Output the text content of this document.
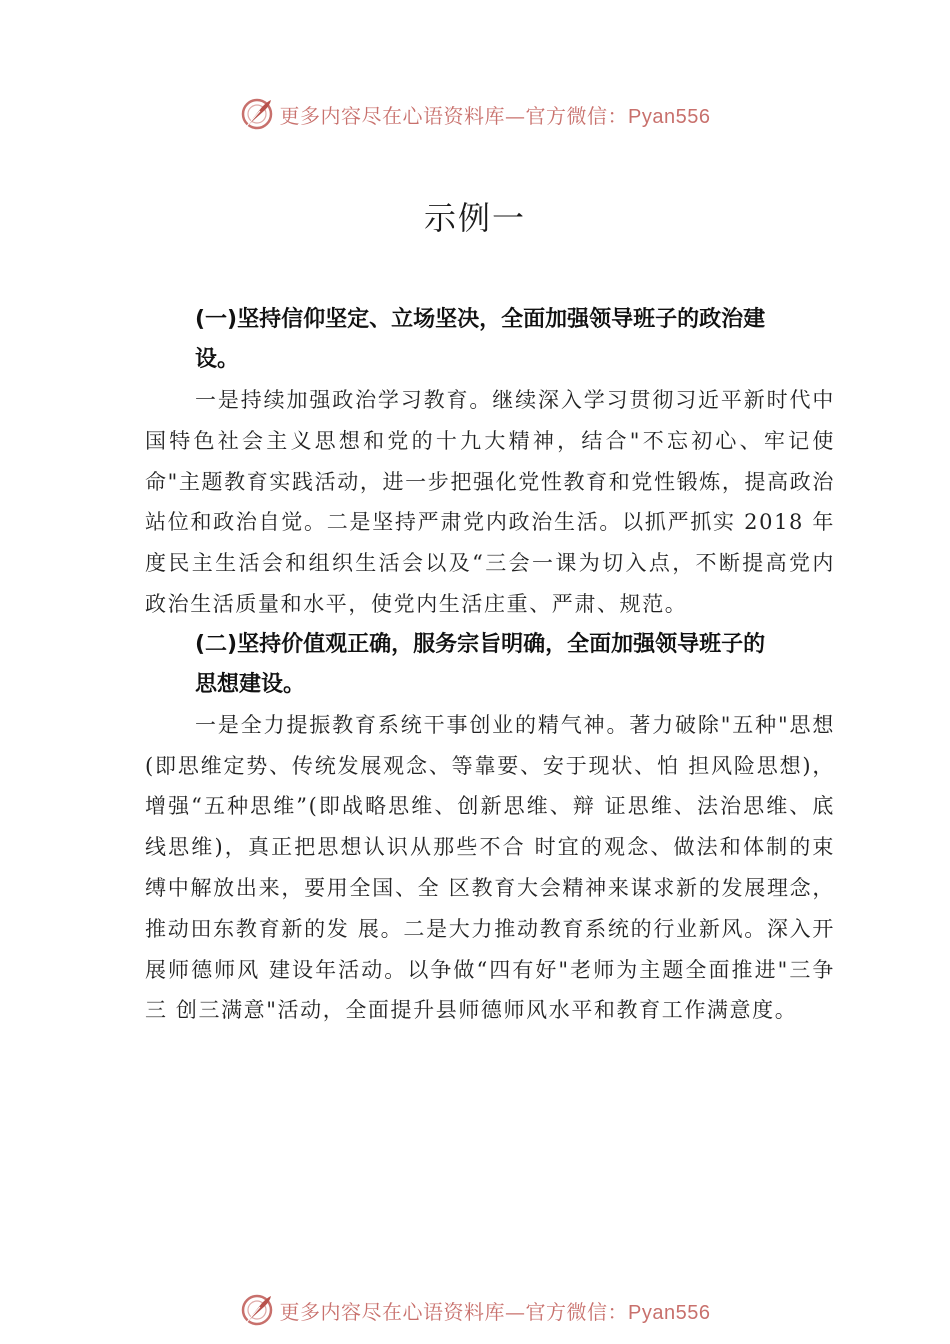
更多内容尽在心语资料库—官方微信：Pyan556
示例一

(一)坚持信仰坚定、立场坚决，全面加强领导班子的政治建设。

一是持续加强政治学习教育。继续深入学习贯彻习近平新时代中国特色社会主义思想和党的十九大精神，结合"不忘初心、牢记使命"主题教育实践活动，进一步把强化党性教育和党性锻炼，提高政治站位和政治自觉。二是坚持严肃党内政治生活。以抓严抓实 2018 年度民主生活会和组织生活会以及“三会一课为切入点，不断提高党内政治生活质量和水平，使党内生活庄重、严肃、规范。

(二)坚持价值观正确，服务宗旨明确，全面加强领导班子的思想建设。

一是全力提振教育系统干事创业的精气神。著力破除"五种"思想(即思维定势、传统发展观念、等靠要、安于现状、怕 担风险思想)，增强“五种思维”(即战略思维、创新思维、辩 证思维、法治思维、底线思维)，真正把思想认识从那些不合 时宜的观念、做法和体制的束缚中解放出来，要用全国、全 区教育大会精神来谋求新的发展理念，推动田东教育新的发 展。二是大力推动教育系统的行业新风。深入开展师德师风 建设年活动。以争做“四有好"老师为主题全面推进"三争三 创三满意"活动，全面提升县师德师风水平和教育工作满意度。

更多内容尽在心语资料库—官方微信：Pyan556
